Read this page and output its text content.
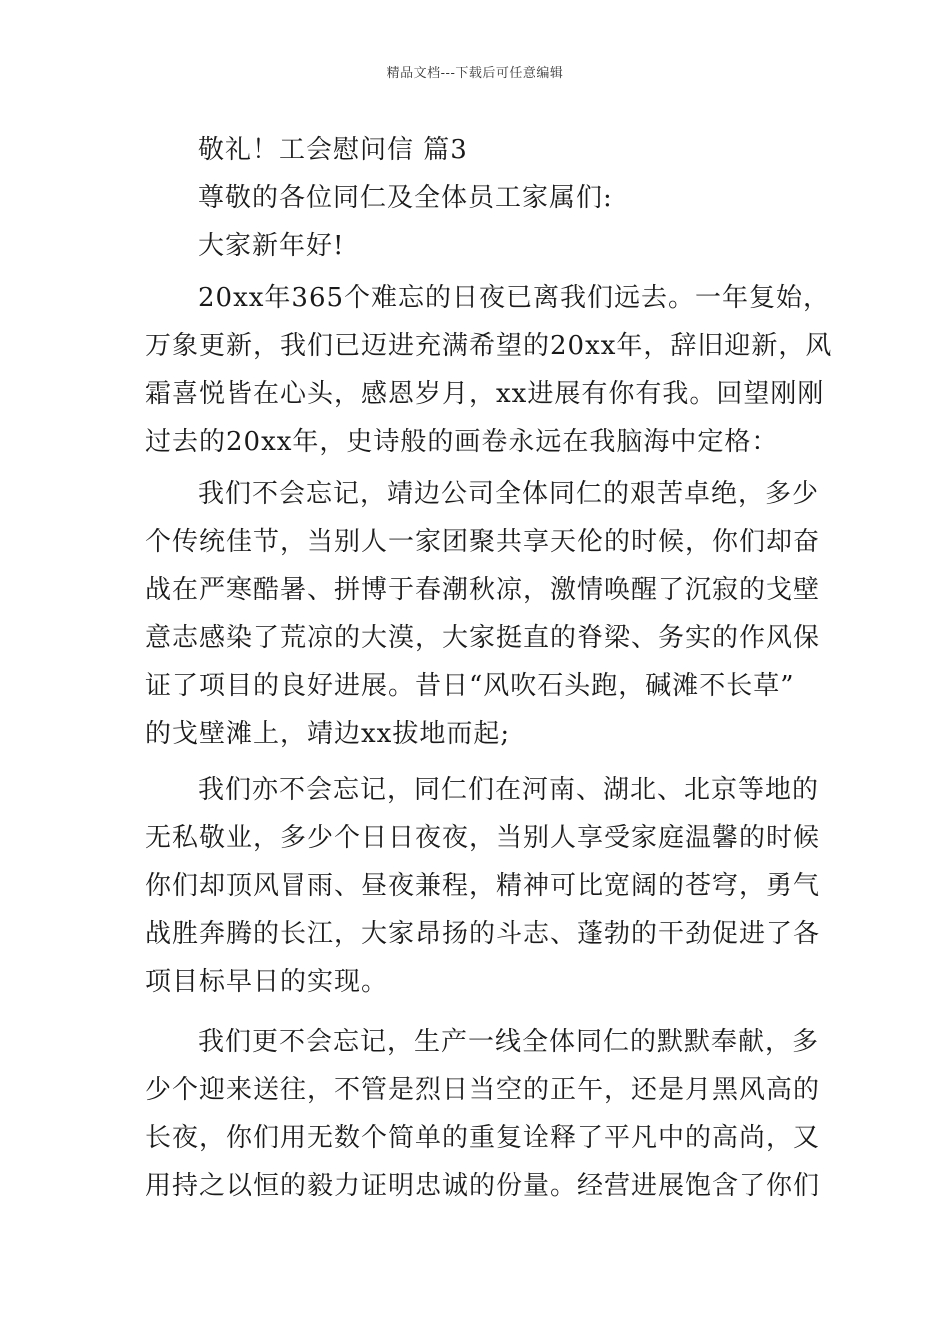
精品文档---下载后可任意编辑
敬礼！工会慰问信 篇3
尊敬的各位同仁及全体员工家属们:
大家新年好!
20xx年365个难忘的日夜已离我们远去。一年复始，
万象更新，我们已迈进充满希望的20xx年，辞旧迎新，风
霜喜悦皆在心头，感恩岁月，xx进展有你有我。回望刚刚
过去的20xx年，史诗般的画卷永远在我脑海中定格：
我们不会忘记，靖边公司全体同仁的艰苦卓绝，多少
个传统佳节，当别人一家团聚共享天伦的时候，你们却奋
战在严寒酷暑、拼博于春潮秋凉，激情唤醒了沉寂的戈壁
意志感染了荒凉的大漠，大家挺直的脊梁、务实的作风保
证了项目的良好进展。昔日“风吹石头跑，碱滩不长草”
的戈壁滩上，靖边xx拔地而起;
我们亦不会忘记，同仁们在河南、湖北、北京等地的
无私敬业，多少个日日夜夜，当别人享受家庭温馨的时候
你们却顶风冒雨、昼夜兼程，精神可比宽阔的苍穹，勇气
战胜奔腾的长江，大家昂扬的斗志、蓬勃的干劲促进了各
项目标早日的实现。
我们更不会忘记，生产一线全体同仁的默默奉献，多
少个迎来送往，不管是烈日当空的正午，还是月黑风高的
长夜，你们用无数个简单的重复诠释了平凡中的高尚，又
用持之以恒的毅力证明忠诚的份量。经营进展饱含了你们
